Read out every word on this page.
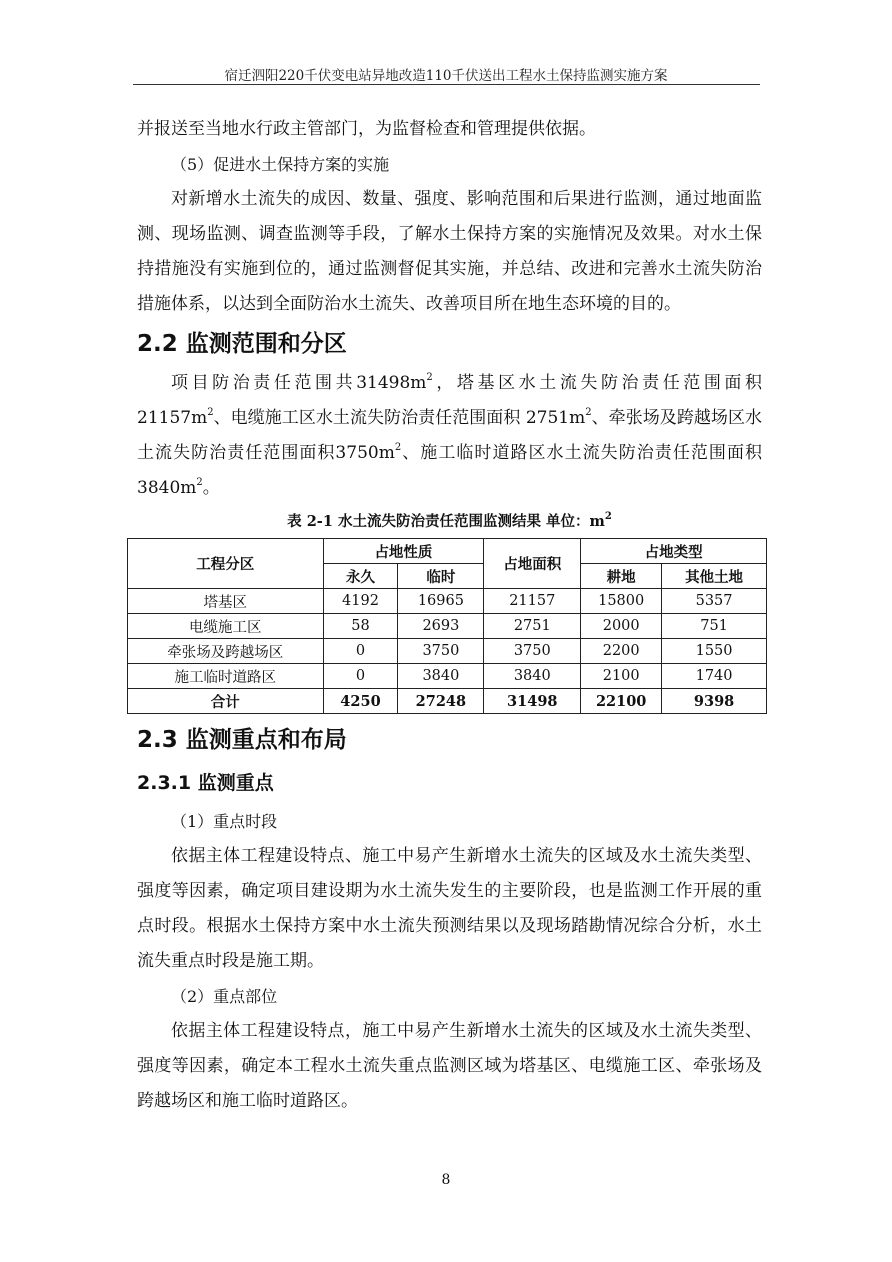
宿迁泗阳220千伏变电站异地改造110千伏送出工程水土保持监测实施方案

并报送至当地水行政主管部门，为监督检查和管理提供依据。

（5）促进水土保持方案的实施

对新增水土流失的成因、数量、强度、影响范围和后果进行监测，通过地面监测、现场监测、调查监测等手段，了解水土保持方案的实施情况及效果。对水土保持措施没有实施到位的，通过监测督促其实施，并总结、改进和完善水土流失防治措施体系，以达到全面防治水土流失、改善项目所在地生态环境的目的。

2.2 监测范围和分区

项目防治责任范围共$31498m^2$，塔基区水土流失防治责任范围面积$21157m^2$、电缆施工区水土流失防治责任范围面积 $2751m^2$、牵张场及跨越场区水土流失防治责任范围面积$3750m^2$、施工临时道路区水土流失防治责任范围面积$3840m^2$。

表 2-1 水土流失防治责任范围监测结果 单位：$m^2$
工程分区	占地性质		占地面积	占地类型	
	永久	临时		耕地	其他土地
塔基区	4192	16965	21157	15800	5357
电缆施工区	58	2693	2751	2000	751
牵张场及跨越场区	0	3750	3750	2200	1550
施工临时道路区	0	3840	3840	2100	1740
合计	4250	27248	31498	22100	9398
2.3 监测重点和布局
2.3.1 监测重点

（1）重点时段

依据主体工程建设特点、施工中易产生新增水土流失的区域及水土流失类型、强度等因素，确定项目建设期为水土流失发生的主要阶段，也是监测工作开展的重点时段。根据水土保持方案中水土流失预测结果以及现场踏勘情况综合分析，水土流失重点时段是施工期。

（2）重点部位

依据主体工程建设特点，施工中易产生新增水土流失的区域及水土流失类型、强度等因素，确定本工程水土流失重点监测区域为塔基区、电缆施工区、牵张场及跨越场区和施工临时道路区。

8
